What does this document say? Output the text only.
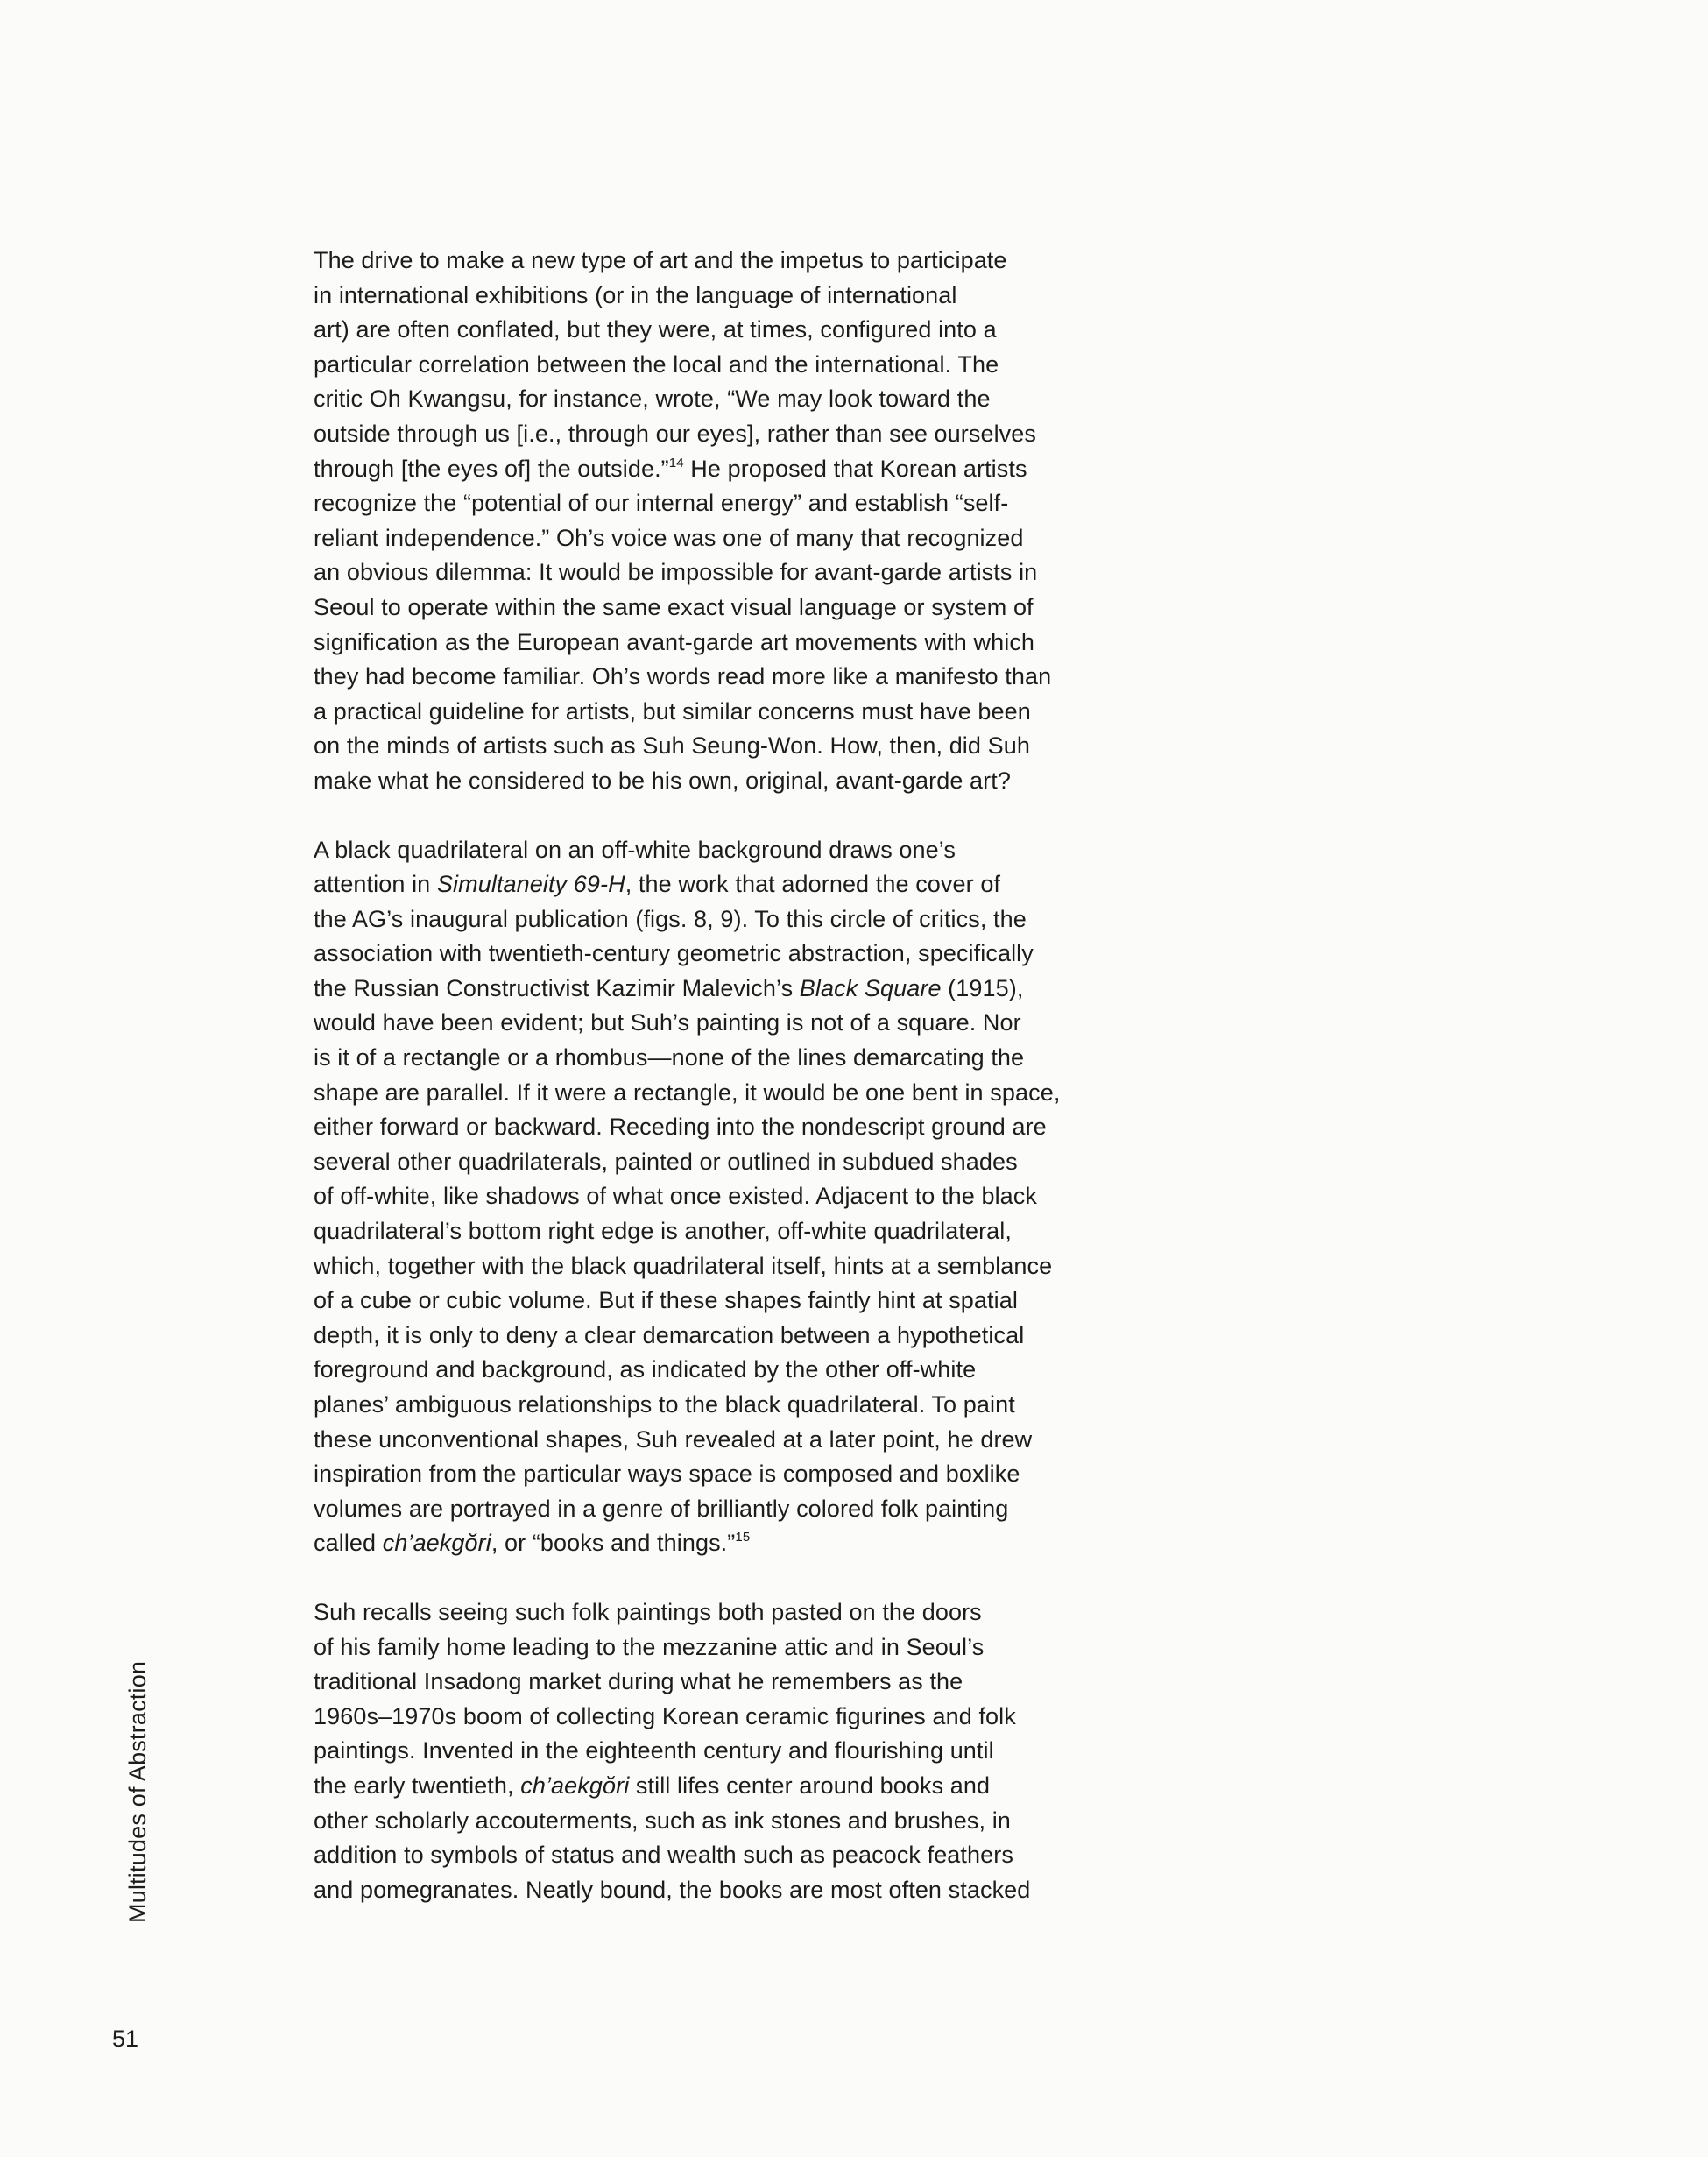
The drive to make a new type of art and the impetus to participate
in international exhibitions (or in the language of international
art) are often conflated, but they were, at times, configured into a
particular correlation between the local and the international. The
critic Oh Kwangsu, for instance, wrote, “We may look toward the
outside through us [i.e., through our eyes], rather than see ourselves
through [the eyes of] the outside.”$^{14}$ He proposed that Korean artists
recognize the “potential of our internal energy” and establish “self-
reliant independence.” Oh’s voice was one of many that recognized
an obvious dilemma: It would be impossible for avant-garde artists in
Seoul to operate within the same exact visual language or system of
signification as the European avant-garde art movements with which
they had become familiar. Oh’s words read more like a manifesto than
a practical guideline for artists, but similar concerns must have been
on the minds of artists such as Suh Seung-Won. How, then, did Suh
make what he considered to be his own, original, avant-garde art?

A black quadrilateral on an off-white background draws one’s
attention in Simultaneity 69-H, the work that adorned the cover of
the AG’s inaugural publication (figs. 8, 9). To this circle of critics, the
association with twentieth-century geometric abstraction, specifically
the Russian Constructivist Kazimir Malevich’s Black Square (1915),
would have been evident; but Suh’s painting is not of a square. Nor
is it of a rectangle or a rhombus—none of the lines demarcating the
shape are parallel. If it were a rectangle, it would be one bent in space,
either forward or backward. Receding into the nondescript ground are
several other quadrilaterals, painted or outlined in subdued shades
of off-white, like shadows of what once existed. Adjacent to the black
quadrilateral’s bottom right edge is another, off-white quadrilateral,
which, together with the black quadrilateral itself, hints at a semblance
of a cube or cubic volume. But if these shapes faintly hint at spatial
depth, it is only to deny a clear demarcation between a hypothetical
foreground and background, as indicated by the other off-white
planes’ ambiguous relationships to the black quadrilateral. To paint
these unconventional shapes, Suh revealed at a later point, he drew
inspiration from the particular ways space is composed and boxlike
volumes are portrayed in a genre of brilliantly colored folk painting
called ch’aekgŏri, or “books and things.”$^{15}$

Suh recalls seeing such folk paintings both pasted on the doors
of his family home leading to the mezzanine attic and in Seoul’s
traditional Insadong market during what he remembers as the
1960s–1970s boom of collecting Korean ceramic figurines and folk
paintings. Invented in the eighteenth century and flourishing until
the early twentieth, ch’aekgŏri still lifes center around books and
other scholarly accouterments, such as ink stones and brushes, in
addition to symbols of status and wealth such as peacock feathers
and pomegranates. Neatly bound, the books are most often stacked

Multitudes of Abstraction
51
